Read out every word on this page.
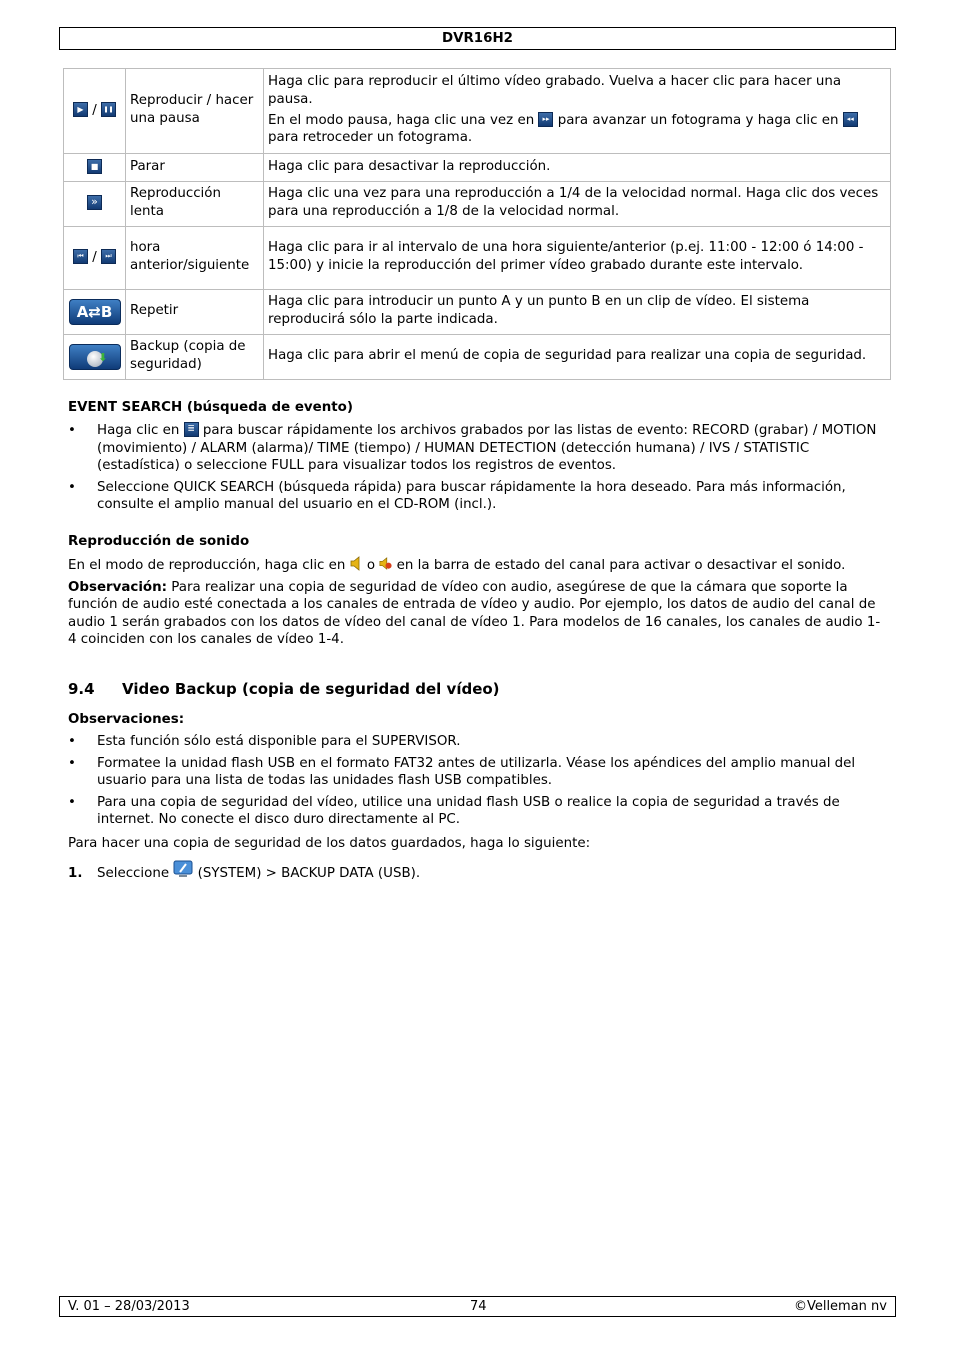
DVR16H2
▶ / ❚❚	Reproducir / hacer una pausa	Haga clic para reproducir el último vídeo grabado. Vuelva a hacer clic para hacer una pausa.

En el modo pausa, haga clic una vez en ▸▸ para avanzar un fotograma y haga clic en ◂◂ para retroceder un fotograma.

■	Parar	Haga clic para desactivar la reproducción.
»	Reproducción lenta	Haga clic una vez para una reproducción a 1/4 de la velocidad normal. Haga clic dos veces para una reproducción a 1/8 de la velocidad normal.
⏮ / ⏭	hora anterior/siguiente	Haga clic para ir al intervalo de una hora siguiente/anterior (p.ej. 11:00 - 12:00 ó 14:00 - 15:00) y inicie la reproducción del primer vídeo grabado durante este intervalo.
A⇄B	Repetir	Haga clic para introducir un punto A y un punto B en un clip de vídeo. El sistema reproducirá sólo la parte indicada.
⬇	Backup (copia de seguridad)	Haga clic para abrir el menú de copia de seguridad para realizar una copia de seguridad.
EVENT SEARCH (búsqueda de evento)
• Haga clic en ≣ para buscar rápidamente los archivos grabados por las listas de evento: RECORD (grabar) / MOTION (movimiento) / ALARM (alarma)/ TIME (tiempo) / HUMAN DETECTION (detección humana) / IVS / STATISTIC (estadística) o seleccione FULL para visualizar todos los registros de eventos.
• Seleccione QUICK SEARCH (búsqueda rápida) para buscar rápidamente la hora deseado. Para más información, consulte el amplio manual del usuario en el CD-ROM (incl.).
Reproducción de sonido

En el modo de reproducción, haga clic en o en la barra de estado del canal para activar o desactivar el sonido.

Observación: Para realizar una copia de seguridad de vídeo con audio, asegúrese de que la cámara que soporte la función de audio esté conectada a los canales de entrada de vídeo y audio. Por ejemplo, los datos de audio del canal de audio 1 serán grabados con los datos de vídeo del canal de vídeo 1. Para modelos de 16 canales, los canales de audio 1-4 coinciden con los canales de vídeo 1-4.

9.4 Video Backup (copia de seguridad del vídeo)
Observaciones:
• Esta función sólo está disponible para el SUPERVISOR.
• Formatee la unidad flash USB en el formato FAT32 antes de utilizarla. Véase los apéndices del amplio manual del usuario para una lista de todas las unidades flash USB compatibles.
• Para una copia de seguridad del vídeo, utilice una unidad flash USB o realice la copia de seguridad a través de internet. No conecte el disco duro directamente al PC.
Para hacer una copia de seguridad de los datos guardados, haga lo siguiente:
1. Seleccione (SYSTEM) > BACKUP DATA (USB).
V. 01 – 28/03/2013	74	©Velleman nv
